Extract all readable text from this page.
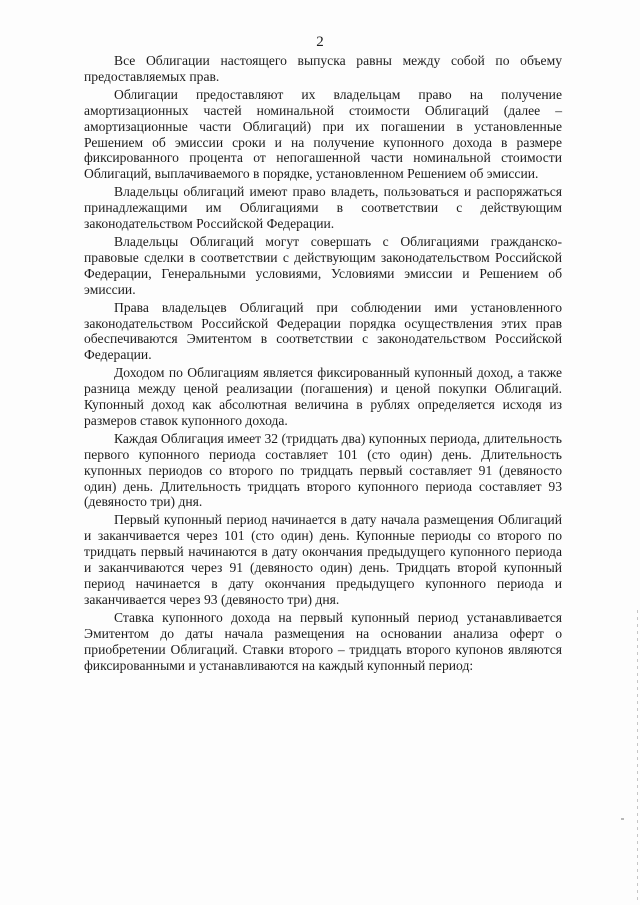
2

Все Облигации настоящего выпуска равны между собой по объему предоставляемых прав.

Облигации предоставляют их владельцам право на получение амортизационных частей номинальной стоимости Облигаций (далее – амортизационные части Облигаций) при их погашении в установленные Решением об эмиссии сроки и на получение купонного дохода в размере фиксированного процента от непогашенной части номинальной стоимости Облигаций, выплачиваемого в порядке, установленном Решением об эмиссии.

Владельцы облигаций имеют право владеть, пользоваться и распоряжаться принадлежащими им Облигациями в соответствии с действующим законодательством Российской Федерации.

Владельцы Облигаций могут совершать с Облигациями гражданско-правовые сделки в соответствии с действующим законодательством Российской Федерации, Генеральными условиями, Условиями эмиссии и Решением об эмиссии.

Права владельцев Облигаций при соблюдении ими установленного законодательством Российской Федерации порядка осуществления этих прав обеспечиваются Эмитентом в соответствии с законодательством Российской Федерации.

Доходом по Облигациям является фиксированный купонный доход, а также разница между ценой реализации (погашения) и ценой покупки Облигаций. Купонный доход как абсолютная величина в рублях определяется исходя из размеров ставок купонного дохода.

Каждая Облигация имеет 32 (тридцать два) купонных периода, длительность первого купонного периода составляет 101 (сто один) день. Длительность купонных периодов со второго по тридцать первый составляет 91 (девяносто один) день. Длительность тридцать второго купонного периода составляет 93 (девяносто три) дня.

Первый купонный период начинается в дату начала размещения Облигаций и заканчивается через 101 (сто один) день. Купонные периоды со второго по тридцать первый начинаются в дату окончания предыдущего купонного периода и заканчиваются через 91 (девяносто один) день. Тридцать второй купонный период начинается в дату окончания предыдущего купонного периода и заканчивается через 93 (девяносто три) дня.

Ставка купонного дохода на первый купонный период устанавливается Эмитентом до даты начала размещения на основании анализа оферт о приобретении Облигаций. Ставки второго – тридцать второго купонов являются фиксированными и устанавливаются на каждый купонный период:
